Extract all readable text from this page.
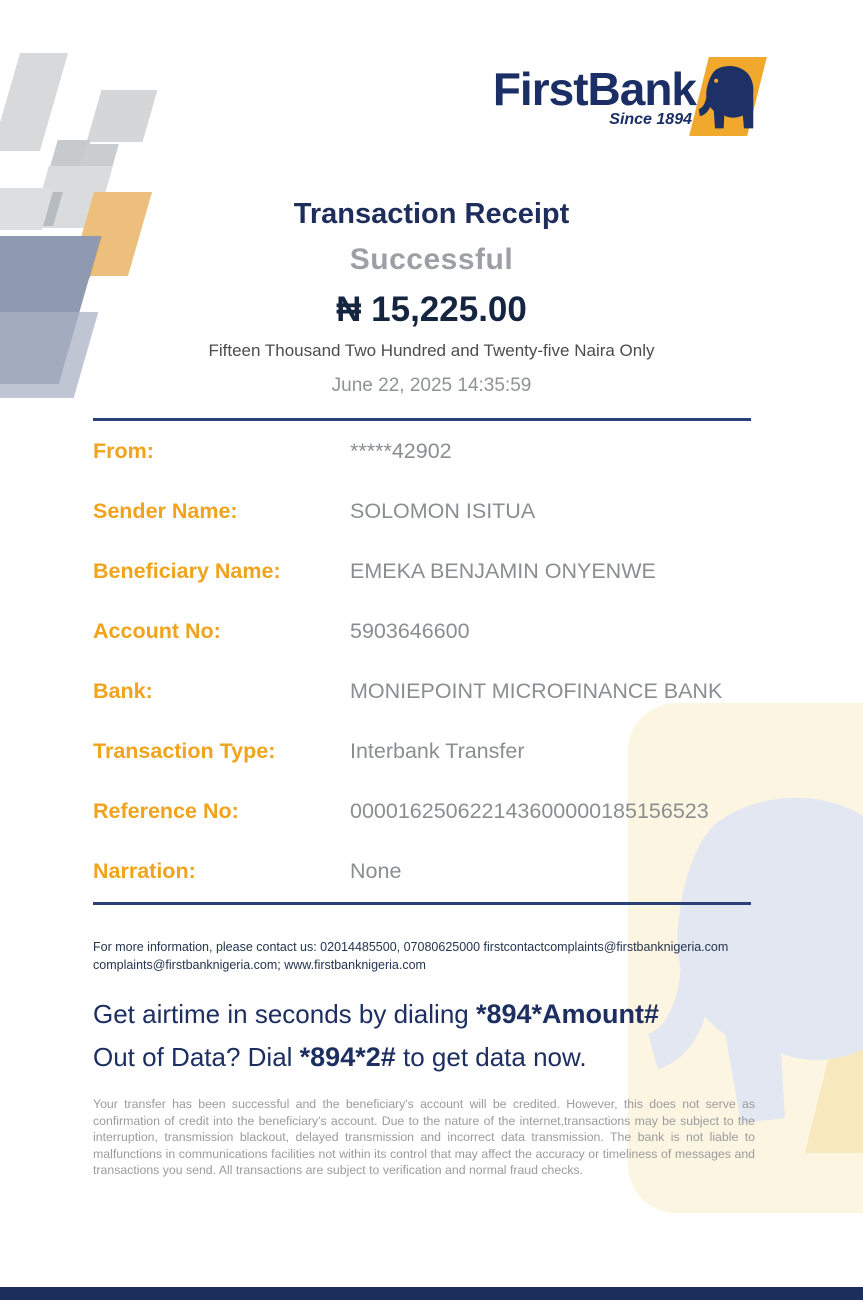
FirstBank
Since 1894
Transaction Receipt
Successful
₦ 15,225.00
Fifteen Thousand Two Hundred and Twenty-five Naira Only
June 22, 2025 14:35:59
From:	*****42902
Sender Name:	SOLOMON ISITUA
Beneficiary Name:	EMEKA BENJAMIN ONYENWE
Account No:	5903646600
Bank:	MONIEPOINT MICROFINANCE BANK
Transaction Type:	Interbank Transfer
Reference No:	000016250622143600000185156523
Narration:	None
For more information, please contact us: 02014485500, 07080625000 firstcontactcomplaints@firstbanknigeria.com complaints@firstbanknigeria.com; www.firstbanknigeria.com
Get airtime in seconds by dialing *894*Amount#
Out of Data? Dial *894*2# to get data now.
Your transfer has been successful and the beneficiary's account will be credited. However, this does not serve as confirmation of credit into the beneficiary's account. Due to the nature of the internet,transactions may be subject to the interruption, transmission blackout, delayed transmission and incorrect data transmission. The bank is not liable to malfunctions in communications facilities not within its control that may affect the accuracy or timeliness of messages and transactions you send. All transactions are subject to verification and normal fraud checks.
